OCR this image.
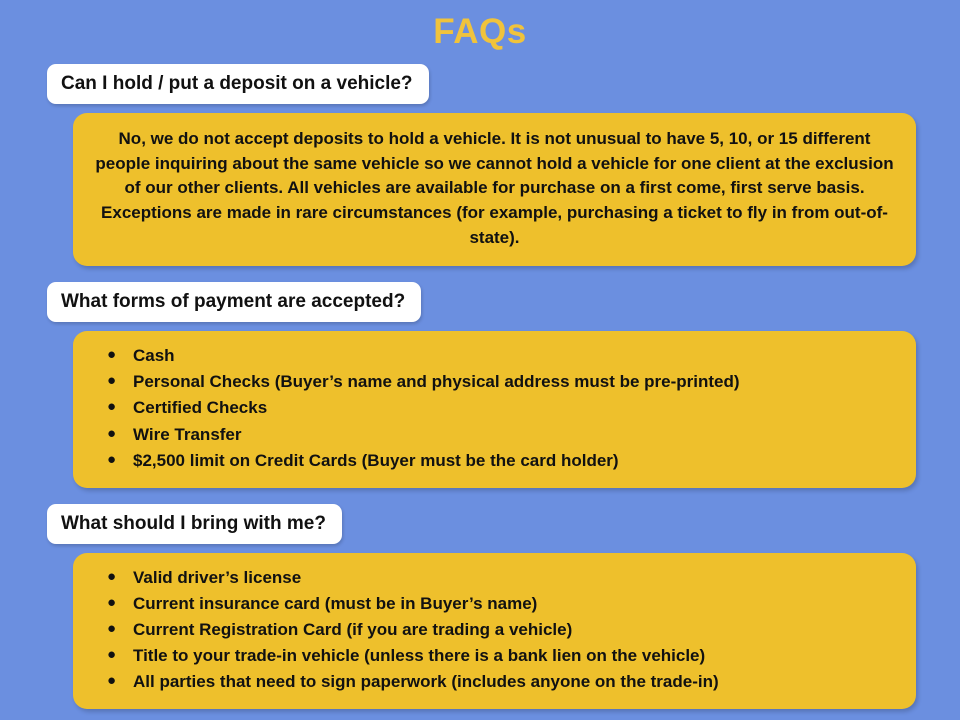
FAQs
Can I hold / put a deposit on a vehicle?
No, we do not accept deposits to hold a vehicle. It is not unusual to have 5, 10, or 15 different people inquiring about the same vehicle so we cannot hold a vehicle for one client at the exclusion of our other clients. All vehicles are available for purchase on a first come, first serve basis. Exceptions are made in rare circumstances (for example, purchasing a ticket to fly in from out-of-state).
What forms of payment are accepted?
● Cash
● Personal Checks (Buyer’s name and physical address must be pre-printed)
● Certified Checks
● Wire Transfer
● $2,500 limit on Credit Cards (Buyer must be the card holder)
What should I bring with me?
● Valid driver’s license
● Current insurance card (must be in Buyer’s name)
● Current Registration Card (if you are trading a vehicle)
● Title to your trade-in vehicle (unless there is a bank lien on the vehicle)
● All parties that need to sign paperwork (includes anyone on the trade-in)
